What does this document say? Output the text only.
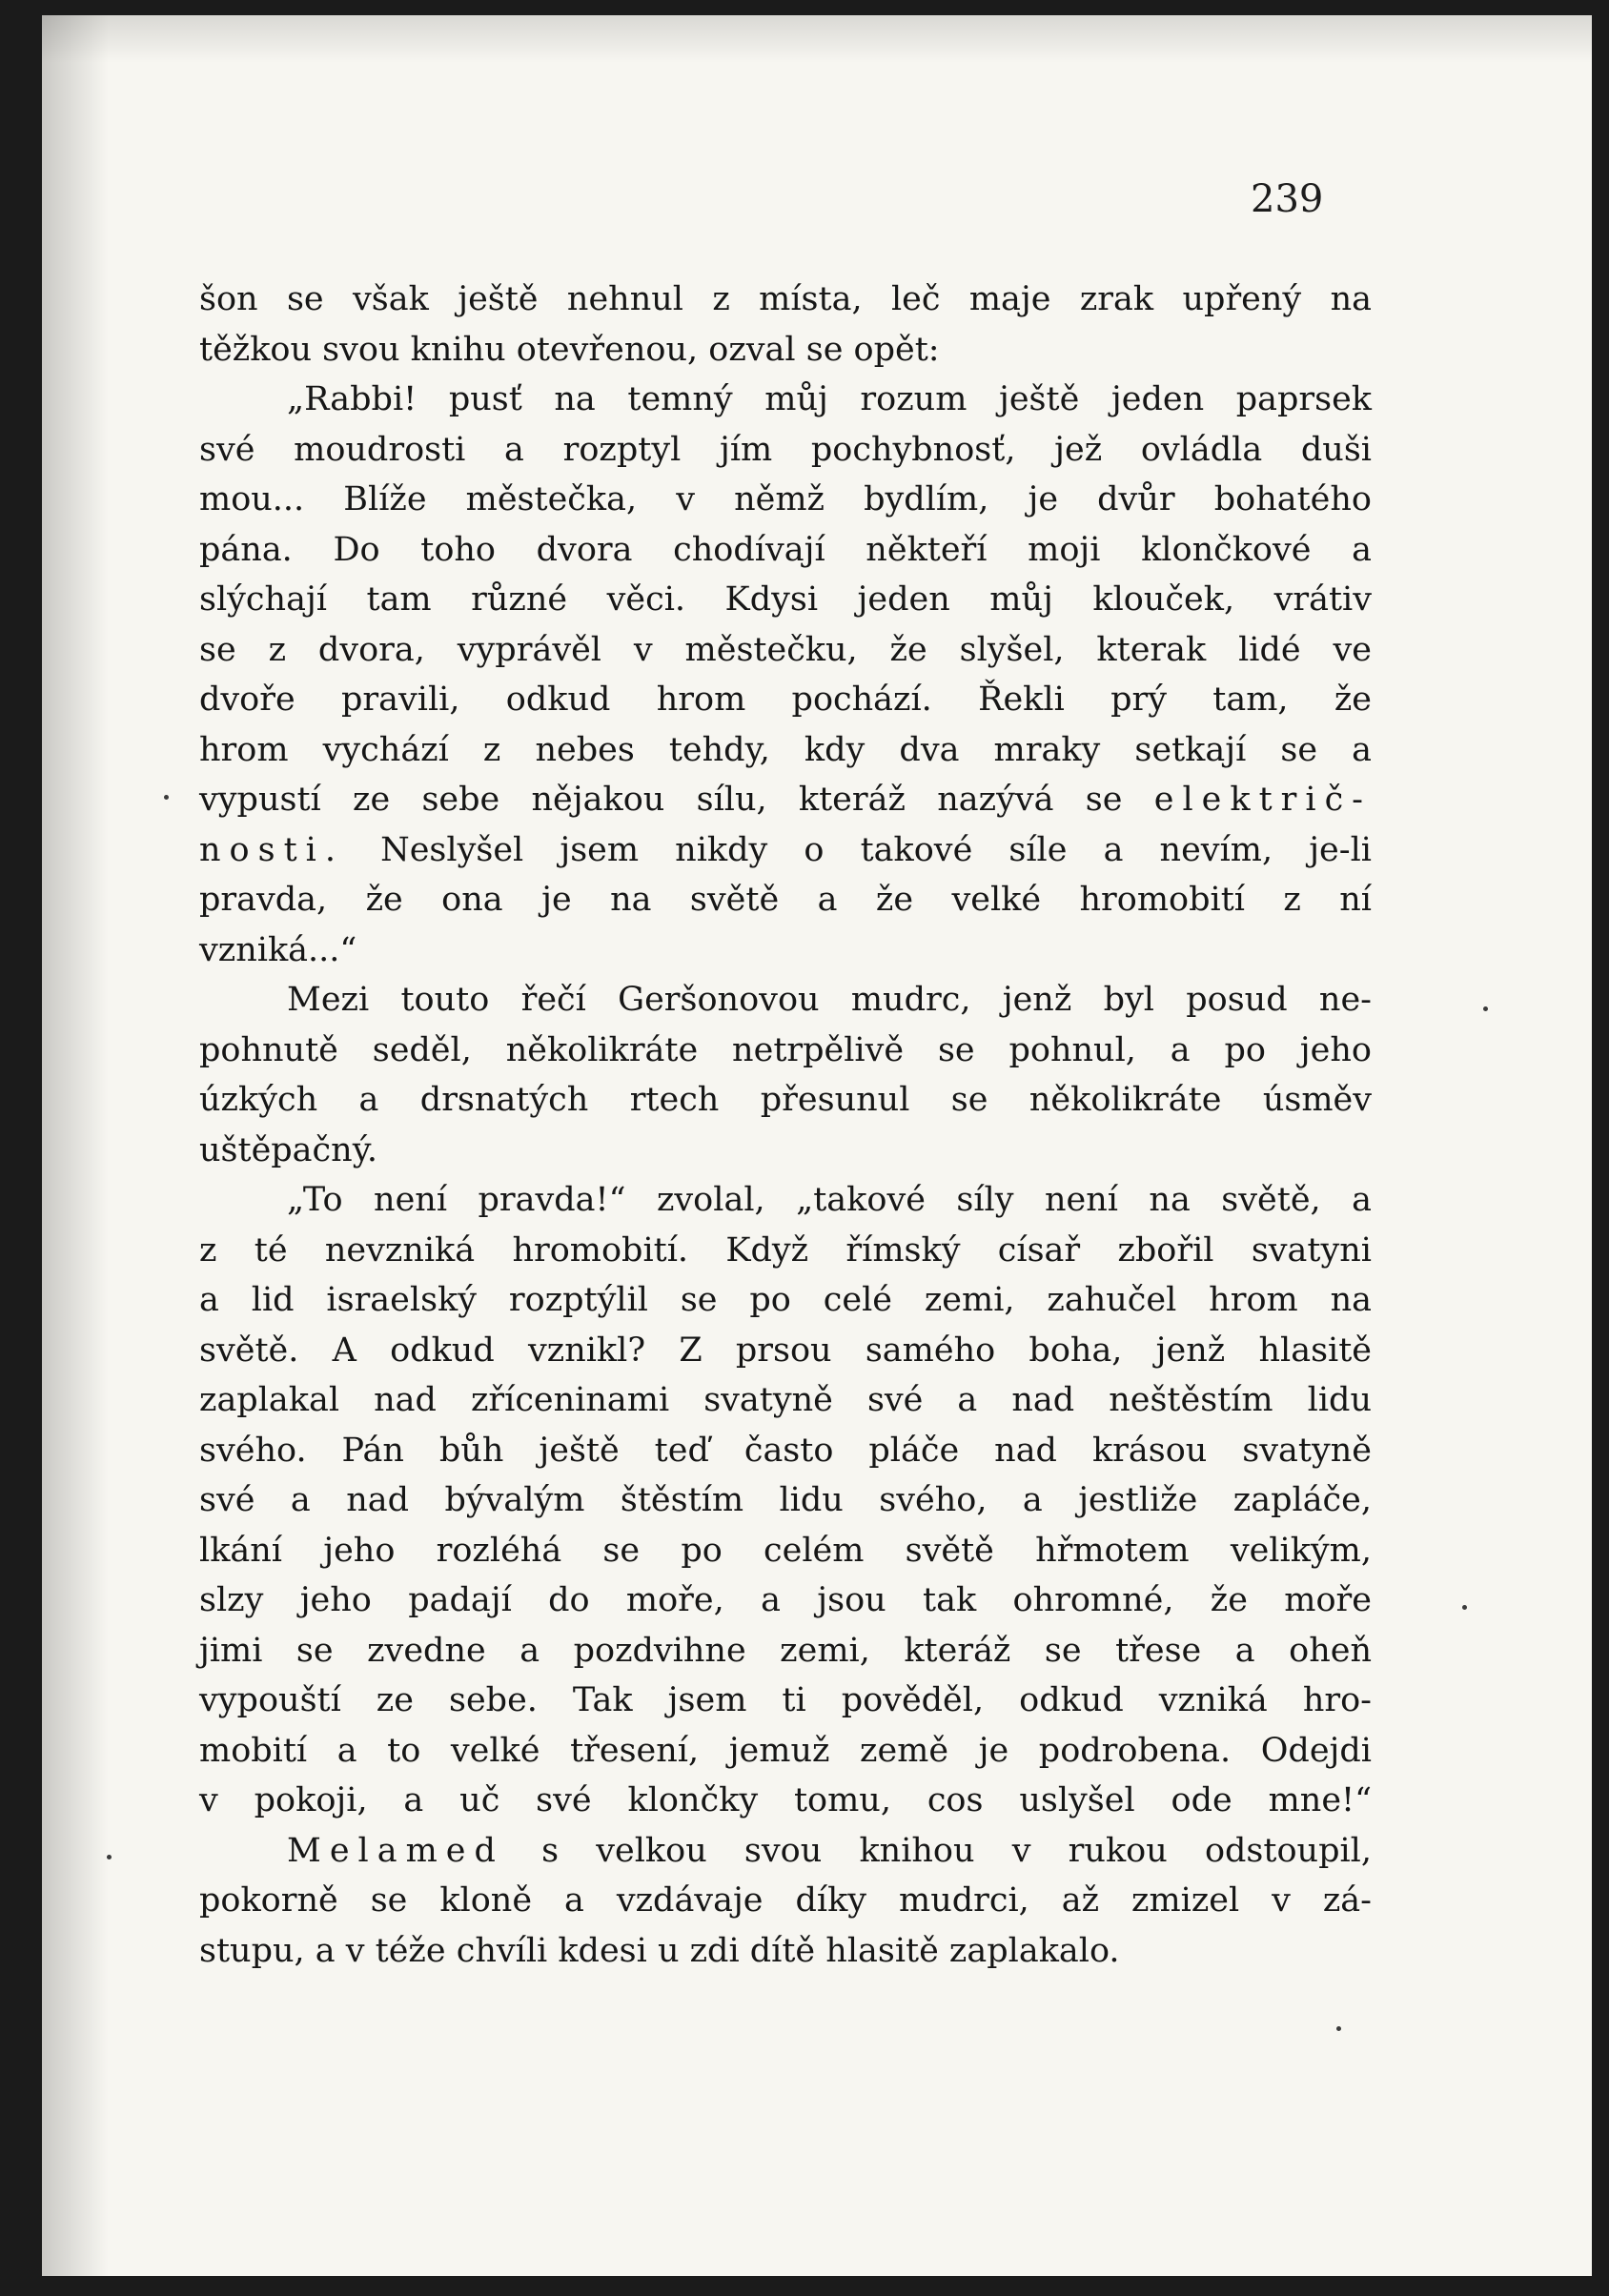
239
šon se však ještě nehnul z místa, leč maje zrak upřený na
těžkou svou knihu otevřenou, ozval se opět:
„Rabbi! pusť na temný můj rozum ještě jeden paprsek
své moudrosti a rozptyl jím pochybnosť, jež ovládla duši
mou... Blíže městečka, v němž bydlím, je dvůr bohatého
pána. Do toho dvora chodívají někteří moji klončkové a
slýchají tam různé věci. Kdysi jeden můj klouček, vrátiv
se z dvora, vyprávěl v městečku, že slyšel, kterak lidé ve
dvoře pravili, odkud hrom pochází. Řekli prý tam, že
hrom vychází z nebes tehdy, kdy dva mraky setkají se a
vypustí ze sebe nějakou sílu, kteráž nazývá se električ-
nosti. Neslyšel jsem nikdy o takové síle a nevím, je-li
pravda, že ona je na světě a že velké hromobití z ní
vzniká...“
Mezi touto řečí Geršonovou mudrc, jenž byl posud ne-
pohnutě seděl, několikráte netrpělivě se pohnul, a po jeho
úzkých a drsnatých rtech přesunul se několikráte úsměv
uštěpačný.
„To není pravda!“ zvolal, „takové síly není na světě, a
z té nevzniká hromobití. Když římský císař zbořil svatyni
a lid israelský rozptýlil se po celé zemi, zahučel hrom na
světě. A odkud vznikl? Z prsou samého boha, jenž hlasitě
zaplakal nad zříceninami svatyně své a nad neštěstím lidu
svého. Pán bůh ještě teď často pláče nad krásou svatyně
své a nad bývalým štěstím lidu svého, a jestliže zapláče,
lkání jeho rozléhá se po celém světě hřmotem velikým,
slzy jeho padají do moře, a jsou tak ohromné, že moře
jimi se zvedne a pozdvihne zemi, kteráž se třese a oheň
vypouští ze sebe. Tak jsem ti pověděl, odkud vzniká hro-
mobití a to velké třesení, jemuž země je podrobena. Odejdi
v pokoji, a uč své klončky tomu, cos uslyšel ode mne!“
Melamed s velkou svou knihou v rukou odstoupil,
pokorně se kloně a vzdávaje díky mudrci, až zmizel v zá-
stupu, a v téže chvíli kdesi u zdi dítě hlasitě zaplakalo.
